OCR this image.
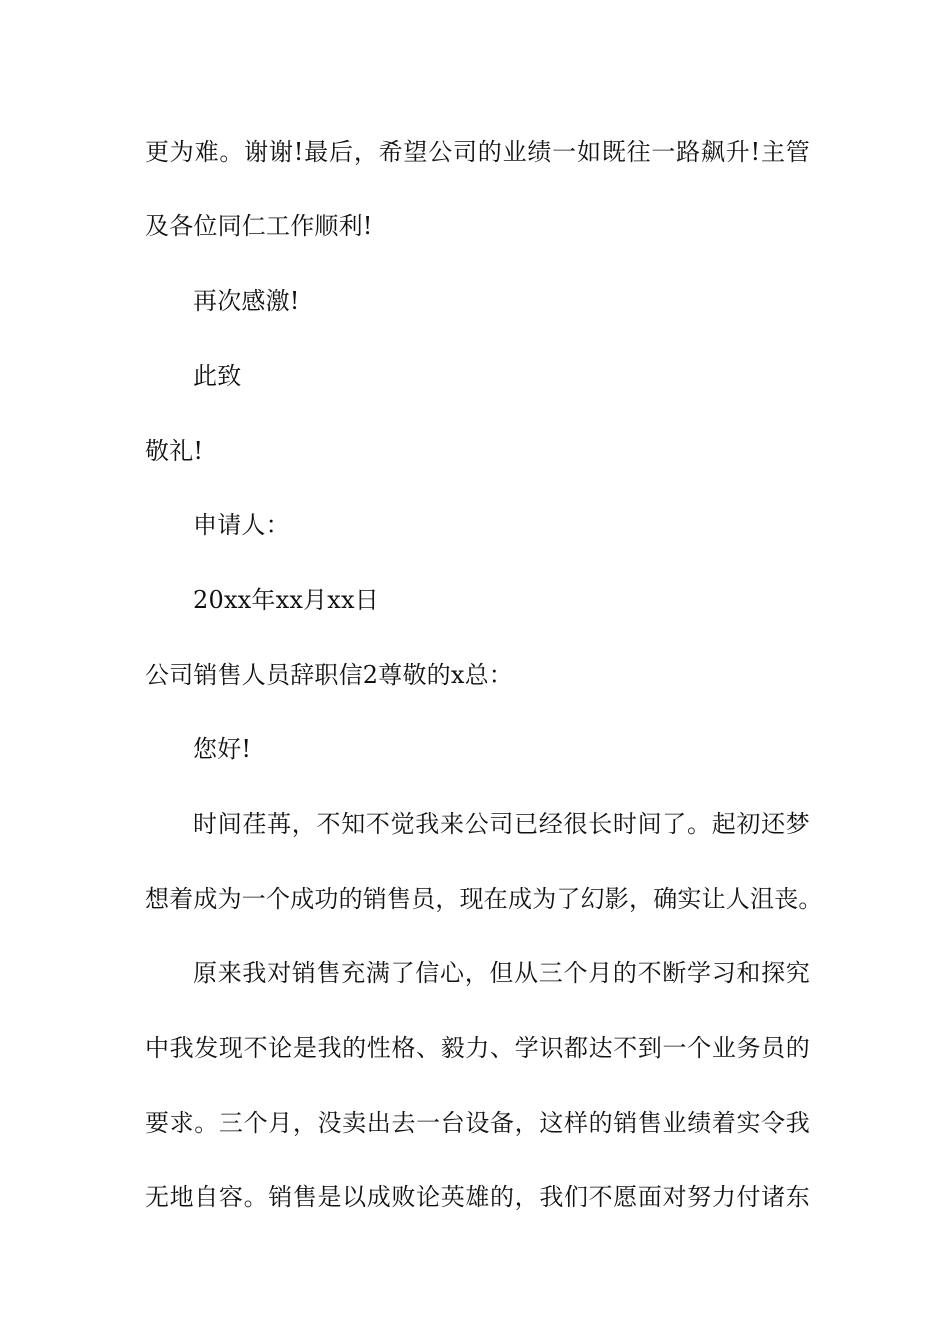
更为难。谢谢!最后，希望公司的业绩一如既往一路飙升!主管
及各位同仁工作顺利!
再次感激!
此致
敬礼!
申请人：
20xx年xx月xx日
公司销售人员辞职信2尊敬的x总：
您好!
时间荏苒，不知不觉我来公司已经很长时间了。起初还梦
想着成为一个成功的销售员，现在成为了幻影，确实让人沮丧。
原来我对销售充满了信心，但从三个月的不断学习和探究
中我发现不论是我的性格、毅力、学识都达不到一个业务员的
要求。三个月，没卖出去一台设备，这样的销售业绩着实令我
无地自容。销售是以成败论英雄的，我们不愿面对努力付诸东
